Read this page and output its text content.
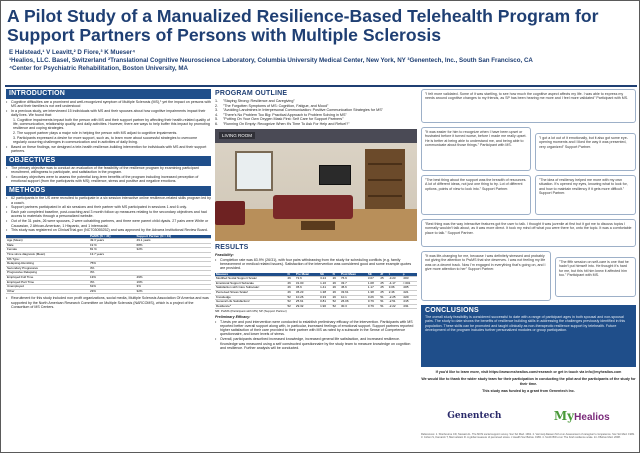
A Pilot Study of a Manualized Resilience-Based Telehealth Program for Support Partners of Persons with Multiple Sclerosis
E Halstead,¹ V Leavitt,² D Fiore,³ K Mueser⁴
¹Healios, LLC. Basel, Switzerland ²Translational Cognitive Neuroscience Laboratory, Columbia University Medical Center, New York, NY ³Genentech, Inc., South San Francisco, CA
⁴Center for Psychiatric Rehabilitation, Boston University, MA
INTRODUCTION
•	Cognitive difficulties are a prominent and well-recognized symptom of Multiple Sclerosis (MS),¹ yet the impact on persons with MS and their families is not well understood
•	In a previous study, we interviewed 15 individuals with MS and their spouses about how cognitive impairments impact their daily lives. We found that:
1. Cognitive impairments impact both the person with MS and their support partner by affecting their health-related quality of life, communication, relationship quality, and daily activities. However, there are ways to help buffer this impact by promoting resilience and coping strategies.
2. The support partner plays a major role in helping the person with MS adjust to cognitive impairments.
3. Participants expressed a desire for more support, such as, to learn more about successful strategies to overcome regularly occurring challenges in communication and in activities of daily living.
•	Based on these findings, we designed a tele-health resilience-building intervention for individuals with MS and their support partners.
OBJECTIVES
•	The primary objective was to conduct an evaluation of the feasibility of the resilience program by examining participant recruitment, willingness to participate, and satisfaction in the program.
•	Secondary objectives were to assess the potential long-term benefits of the program including increased perception of emotional support (from the participants with MS); resilience, stress and positive and negative emotions.
METHODS
•	62 participants in the US were recruited to participate in a six session interactive online resilience-related skills program led by a coach.
•	Support partners participated in all six sessions and their partner with MS participated in sessions 1 and 6 only.
•	Each pair completed baseline, post-coaching and 3 month follow up measures relating to the secondary objectives and had access to materials through a personalized website.
•	Out of the 31 pairs, 26 were spouses, 2 were cohabiting partners, and three were parent child dyads. 27 pairs were White or Caucasian, 2 African-American, 1 Hispanic, and 1 internacial.
•	This study was registered on ClinicalTrial.gov (NCT03055252) and was approved by the Advarra Institutional Review Board.
	PwMS (N = 31)	Support Partner (N = 31)
Age (Mean)	49.3 years	49.1 years
Male	19 %	68%
Female	81 %	32%
Time since diagnosis (Mean)	13.7 years	
MS Type:		
Relapsing-Remitting	75%	
Secondary Progressive	3%	
Progressive Relapsing	3%	
Employed Full Time	13%	49%
Employed Part Time	3%	16%
Unemployed	61%	3%
Other	23%	32%
•	Recruitment for this study included non profit organizations, social media, Multiple Sclerosis Association Of America and was supported by the North American Research Committee on Multiple Sclerosis (NARCOMS), which is a project of the Consortium of MS Centers.
PROGRAM OUTLINE
1.	"Staying Strong: Resilience and Caregiving"
2.	"The Forgotten Symptoms of MS: Cognition, Fatigue, and Mood"
3.	"Avoiding Landmines in Interpersonal Communication: Positive Communication Strategies for MS"
4.	"There's No Problem Too Big: Practical Approach to Problem Solving in MS"
5.	"Putting On Your Own Oxygen Mask First: Self Care for Support Partners"
6.	"Running On Empty: Recognize When It's Time To Ask For Help and Refuel?"
LIVING ROOM
RESULTS
Feasibility:
•	Completion rate was 83.9% (26/31), with four pairs withdrawing from the study for scheduling conflicts (e.g. family bereavement or medical related issues). Satisfaction of the intervention was considered good and some example quotes are provided.
Measure	N	Pre Mean	SE	N	Post Mean	SE	df	t	p
Modified Social Support Scale¹	26	72.6	3.24	26	76.9	3.07	25	-3.23	.003
Emotional Support Subscale	26	31.00	1.16	26	33.7	1.08	25	-4.17	<.001
Satisfaction with Care Subscale²	26	45.6	1.41	26	45.6	1.17	25	3.06	.005
Perceived Stress Scale³	26	36.23	1.38	26	33.61	1.38	25	2.46	.021
Knowledge	52	10.26	0.33	26	10.1	0.26	51	-2.25	.029
General Life Satisfaction²	52	25.61	0.81	52	26.06	0.79	51	-2.51	.015
Resilience⁴	52	29.32	1.90	52	30.3	0.79	51	-2.22	.031
NB: PwMS (Participant with MS) SP (Support Partner)
Preliminary Efficacy:
•	T-tests pre and post intervention were conducted to establish preliminary efficacy of the intervention. Participants with MS reported better overall support along with, in particular, increased feelings of emotional support. Support partners reported higher satisfaction of their care provided to their partner with MS as rated by a subscale in the Sense of Competence questionnaire, and lower levels of stress.
•	Overall, participants described increased knowledge, increased general life satisfaction, and increased resilience. Knowledge was measured using a self constructed questionnaire by the study team to measure knowledge on cognition and resilience. Further analysis will be conducted.
"I felt more validated. Some of it was startling, to see how much the cognitive aspect affects my life. I was able to express my needs around cognitive changes to my friends, as SP has been hearing me more and I feel more validated" Participant with MS.
"It was easier for him to recognize when I have been upset or frustrated before it turned worse, before I made me really upset. He is better at being able to understand me, and being able to communicate about those things." Participant with MS.
"I got a lot out of it emotionally, but it also got some eye-opening moments and I liked the way it was presented, very organized" Support Partner.
"The best thing about the support was the breadth of resources. A lot of different ideas, not just one thing to try. Lot of different options, points of view to look into." Support Partner.
"The idea of resiliency helped me more with my own situation. It's opened my eyes, knowing what to look for, and how to maintain resiliency if it gets more difficult." Support Partner.
"Best thing was the way interactive features got the user to talk. I thought it was juvenile at first but it got me to discuss topics I normally wouldn't talk about, as it was more direct. It took my mind off what you were there for, onto the topic. It was a comfortable place to talk." Support Partner.
"It was life-changing for me, because I was definitely stressed and probably not giving the attention to PwMS that she deserves. I was not feeling my life was on a decent track. Now I'm engaged in everything that's going on, and I give more attention to her" Support Partner.
"The fifth session on self-care is one that he hadn't put himself into. He thought it's hard for me, but this hit him knew it affected him too." Participant with MS.
CONCLUSIONS
The overall study feasibility is considered successful to date with a range of participant ages in both spousal and non-spousal pairs. The study to date shows the benefits of resilience building skills in addressing the challenges previously identified in this population. These skills can be promoted and taught clinically as non-therapeutic resilience support by telehealth. Future development of the program includes further personalized modules or group participation.
If you'd like to learn more, visit https://www.mshealios.com/research or get in touch via info@myhealios.com
We would like to thank the wider study team for their participation in conducting the pilot and the participants of the study for their time.
This study was funded by a grant from Genentech Inc.
Genentech	My Healios
References: 1. Sherbourne CD, Stewart AL. The MOS social support survey. Soc Sci Med. 1991. 2. Vernooij-Dassen MJ et al. Assessment of caregiver's competence. Soc Sci Med. 1999. 3. Cohen S, Kamarck T, Mermelstein R. A global measure of perceived stress. J Health Soc Behav. 1983. 4. Smith BW et al. The brief resilience scale. Int J Behav Med. 2008.
